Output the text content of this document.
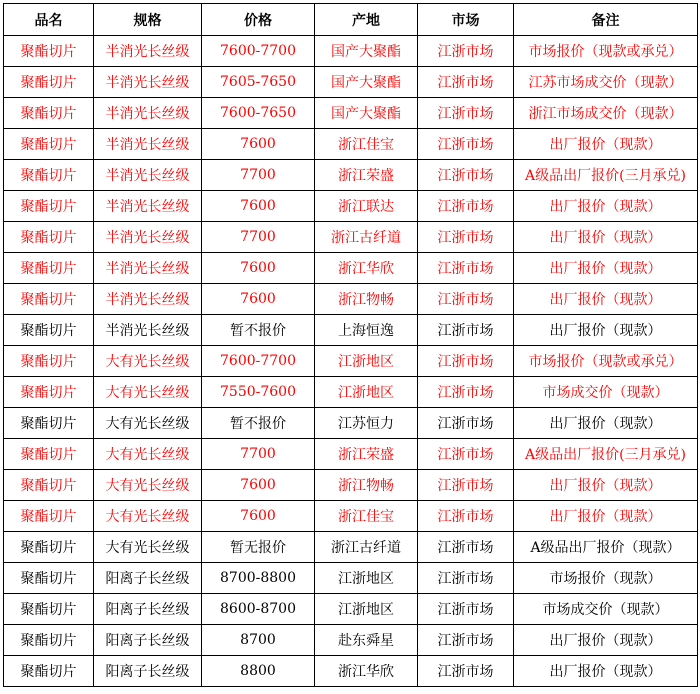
品名	规格	价格	产地	市场	备注
聚酯切片	半消光长丝级	7600-7700	国产大聚酯	江浙市场	市场报价（现款或承兑）
聚酯切片	半消光长丝级	7605-7650	国产大聚酯	江浙市场	江苏市场成交价（现款）
聚酯切片	半消光长丝级	7600-7650	国产大聚酯	江浙市场	浙江市场成交价（现款）
聚酯切片	半消光长丝级	7600	浙江佳宝	江浙市场	出厂报价（现款）
聚酯切片	半消光长丝级	7700	浙江荣盛	江浙市场	A级品出厂报价(三月承兑)
聚酯切片	半消光长丝级	7600	浙江联达	江浙市场	出厂报价（现款）
聚酯切片	半消光长丝级	7700	浙江古纤道	江浙市场	出厂报价（现款）
聚酯切片	半消光长丝级	7600	浙江华欣	江浙市场	出厂报价（现款）
聚酯切片	半消光长丝级	7600	浙江物畅	江浙市场	出厂报价（现款）
聚酯切片	半消光长丝级	暂不报价	上海恒逸	江浙市场	出厂报价（现款）
聚酯切片	大有光长丝级	7600-7700	江浙地区	江浙市场	市场报价（现款或承兑）
聚酯切片	大有光长丝级	7550-7600	江浙地区	江浙市场	市场成交价（现款）
聚酯切片	大有光长丝级	暂不报价	江苏恒力	江浙市场	出厂报价（现款）
聚酯切片	大有光长丝级	7700	浙江荣盛	江浙市场	A级品出厂报价(三月承兑)
聚酯切片	大有光长丝级	7600	浙江物畅	江浙市场	出厂报价（现款）
聚酯切片	大有光长丝级	7600	浙江佳宝	江浙市场	出厂报价（现款）
聚酯切片	大有光长丝级	暂无报价	浙江古纤道	江浙市场	A级品出厂报价（现款）
聚酯切片	阳离子长丝级	8700-8800	江浙地区	江浙市场	市场报价（现款）
聚酯切片	阳离子长丝级	8600-8700	江浙地区	江浙市场	市场成交价（现款）
聚酯切片	阳离子长丝级	8700	赴东舜星	江浙市场	出厂报价（现款）
聚酯切片	阳离子长丝级	8800	浙江华欣	江浙市场	出厂报价（现款）
